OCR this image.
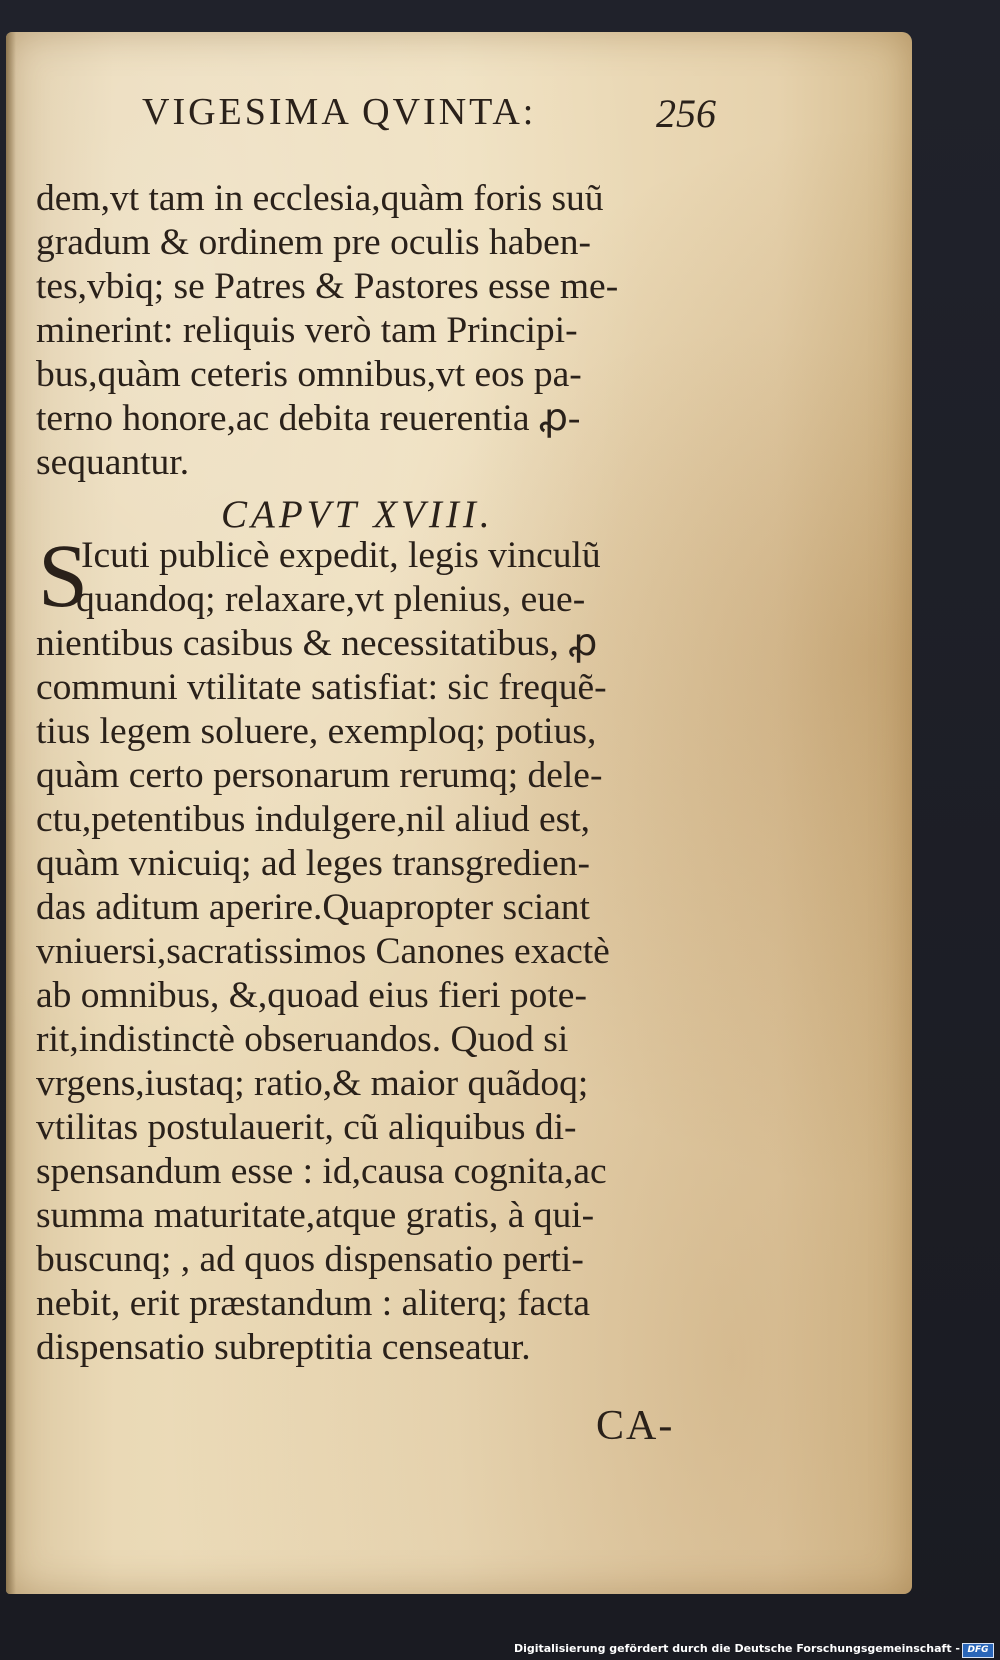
VIGESIMA QVINTA:	256
dem,vt tam in ecclesia,quàm foris suũ
gradum & ordinem pre oculis haben-
tes,vbiq; se Patres & Pastores esse me-
minerint: reliquis verò tam Principi-
bus,quàm ceteris omnibus,vt eos pa-
terno honore,ac debita reuerentia ꝓ-
sequantur.
CAPVT XVIII.
S
Icuti publicè expedit, legis vinculũ
quandoq; relaxare,vt plenius, eue-
nientibus casibus & necessitatibus, ꝓ
communi vtilitate satisfiat: sic frequẽ-
tius legem soluere, exemploq; potius,
quàm certo personarum rerumq; dele-
ctu,petentibus indulgere,nil aliud est,
quàm vnicuiq; ad leges transgredien-
das aditum aperire.Quapropter sciant
vniuersi,sacratissimos Canones exactè
ab omnibus, &,quoad eius fieri pote-
rit,indistinctè obseruandos. Quod si
vrgens,iustaq; ratio,& maior quãdoq;
vtilitas postulauerit, cũ aliquibus di-
spensandum esse : id,causa cognita,ac
summa maturitate,atque gratis, à qui-
buscunq; , ad quos dispensatio perti-
nebit, erit præstandum : aliterq; facta
dispensatio subreptitia censeatur.
CA-
Digitalisierung gefördert durch die Deutsche Forschungsgemeinschaft - DFG
